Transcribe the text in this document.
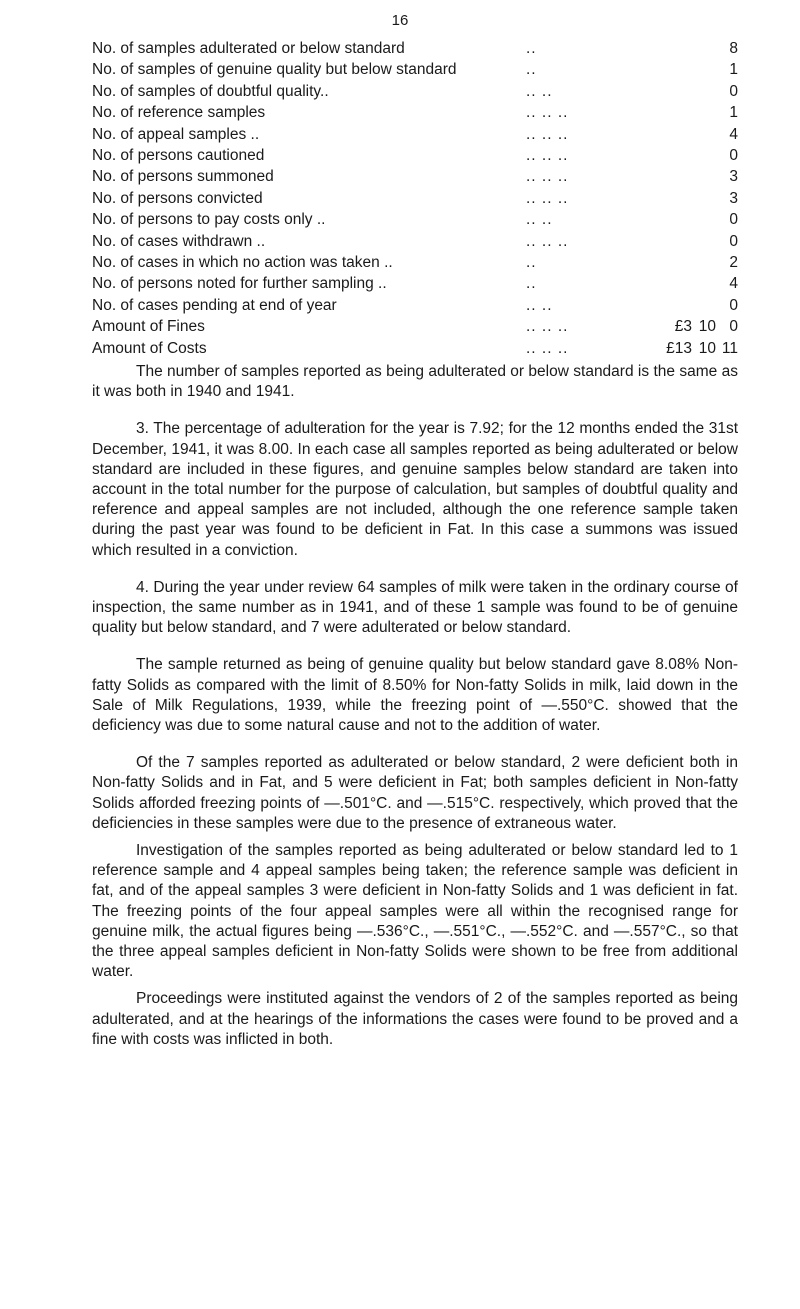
16
No. of samples adulterated or below standard	..	8
No. of samples of genuine quality but below standard	..	1
No. of samples of doubtful quality..	.. ..	0
No. of reference samples	.. .. ..	1
No. of appeal samples ..	.. .. ..	4
No. of persons cautioned	.. .. ..	0
No. of persons summoned	.. .. ..	3
No. of persons convicted	.. .. ..	3
No. of persons to pay costs only ..	.. ..	0
No. of cases withdrawn ..	.. .. ..	0
No. of cases in which no action was taken ..	..	2
No. of persons noted for further sampling ..	..	4
No. of cases pending at end of year	.. ..	0
Amount of Fines	.. .. ..	£3 10 0
Amount of Costs	.. .. ..	£13 10 11

The number of samples reported as being adulterated or below standard is the same as it was both in 1940 and 1941.

3. The percentage of adulteration for the year is 7.92; for the 12 months ended the 31st December, 1941, it was 8.00. In each case all samples reported as being adulterated or below standard are included in these figures, and genuine samples below standard are taken into account in the total number for the purpose of calculation, but samples of doubtful quality and reference and appeal samples are not included, although the one reference sample taken during the past year was found to be deficient in Fat. In this case a summons was issued which resulted in a conviction.

4. During the year under review 64 samples of milk were taken in the ordinary course of inspection, the same number as in 1941, and of these 1 sample was found to be of genuine quality but below standard, and 7 were adulterated or below standard.

The sample returned as being of genuine quality but below standard gave 8.08% Non-fatty Solids as compared with the limit of 8.50% for Non-fatty Solids in milk, laid down in the Sale of Milk Regulations, 1939, while the freezing point of —.550°C. showed that the deficiency was due to some natural cause and not to the addition of water.

Of the 7 samples reported as adulterated or below standard, 2 were deficient both in Non-fatty Solids and in Fat, and 5 were deficient in Fat; both samples deficient in Non-fatty Solids afforded freezing points of —.501°C. and —.515°C. respectively, which proved that the deficiencies in these samples were due to the presence of extraneous water.

Investigation of the samples reported as being adulterated or below standard led to 1 reference sample and 4 appeal samples being taken; the reference sample was deficient in fat, and of the appeal samples 3 were deficient in Non-fatty Solids and 1 was deficient in fat. The freezing points of the four appeal samples were all within the recognised range for genuine milk, the actual figures being —.536°C., —.551°C., —.552°C. and —.557°C., so that the three appeal samples deficient in Non-fatty Solids were shown to be free from additional water.

Proceedings were instituted against the vendors of 2 of the samples reported as being adulterated, and at the hearings of the informations the cases were found to be proved and a fine with costs was inflicted in both.
